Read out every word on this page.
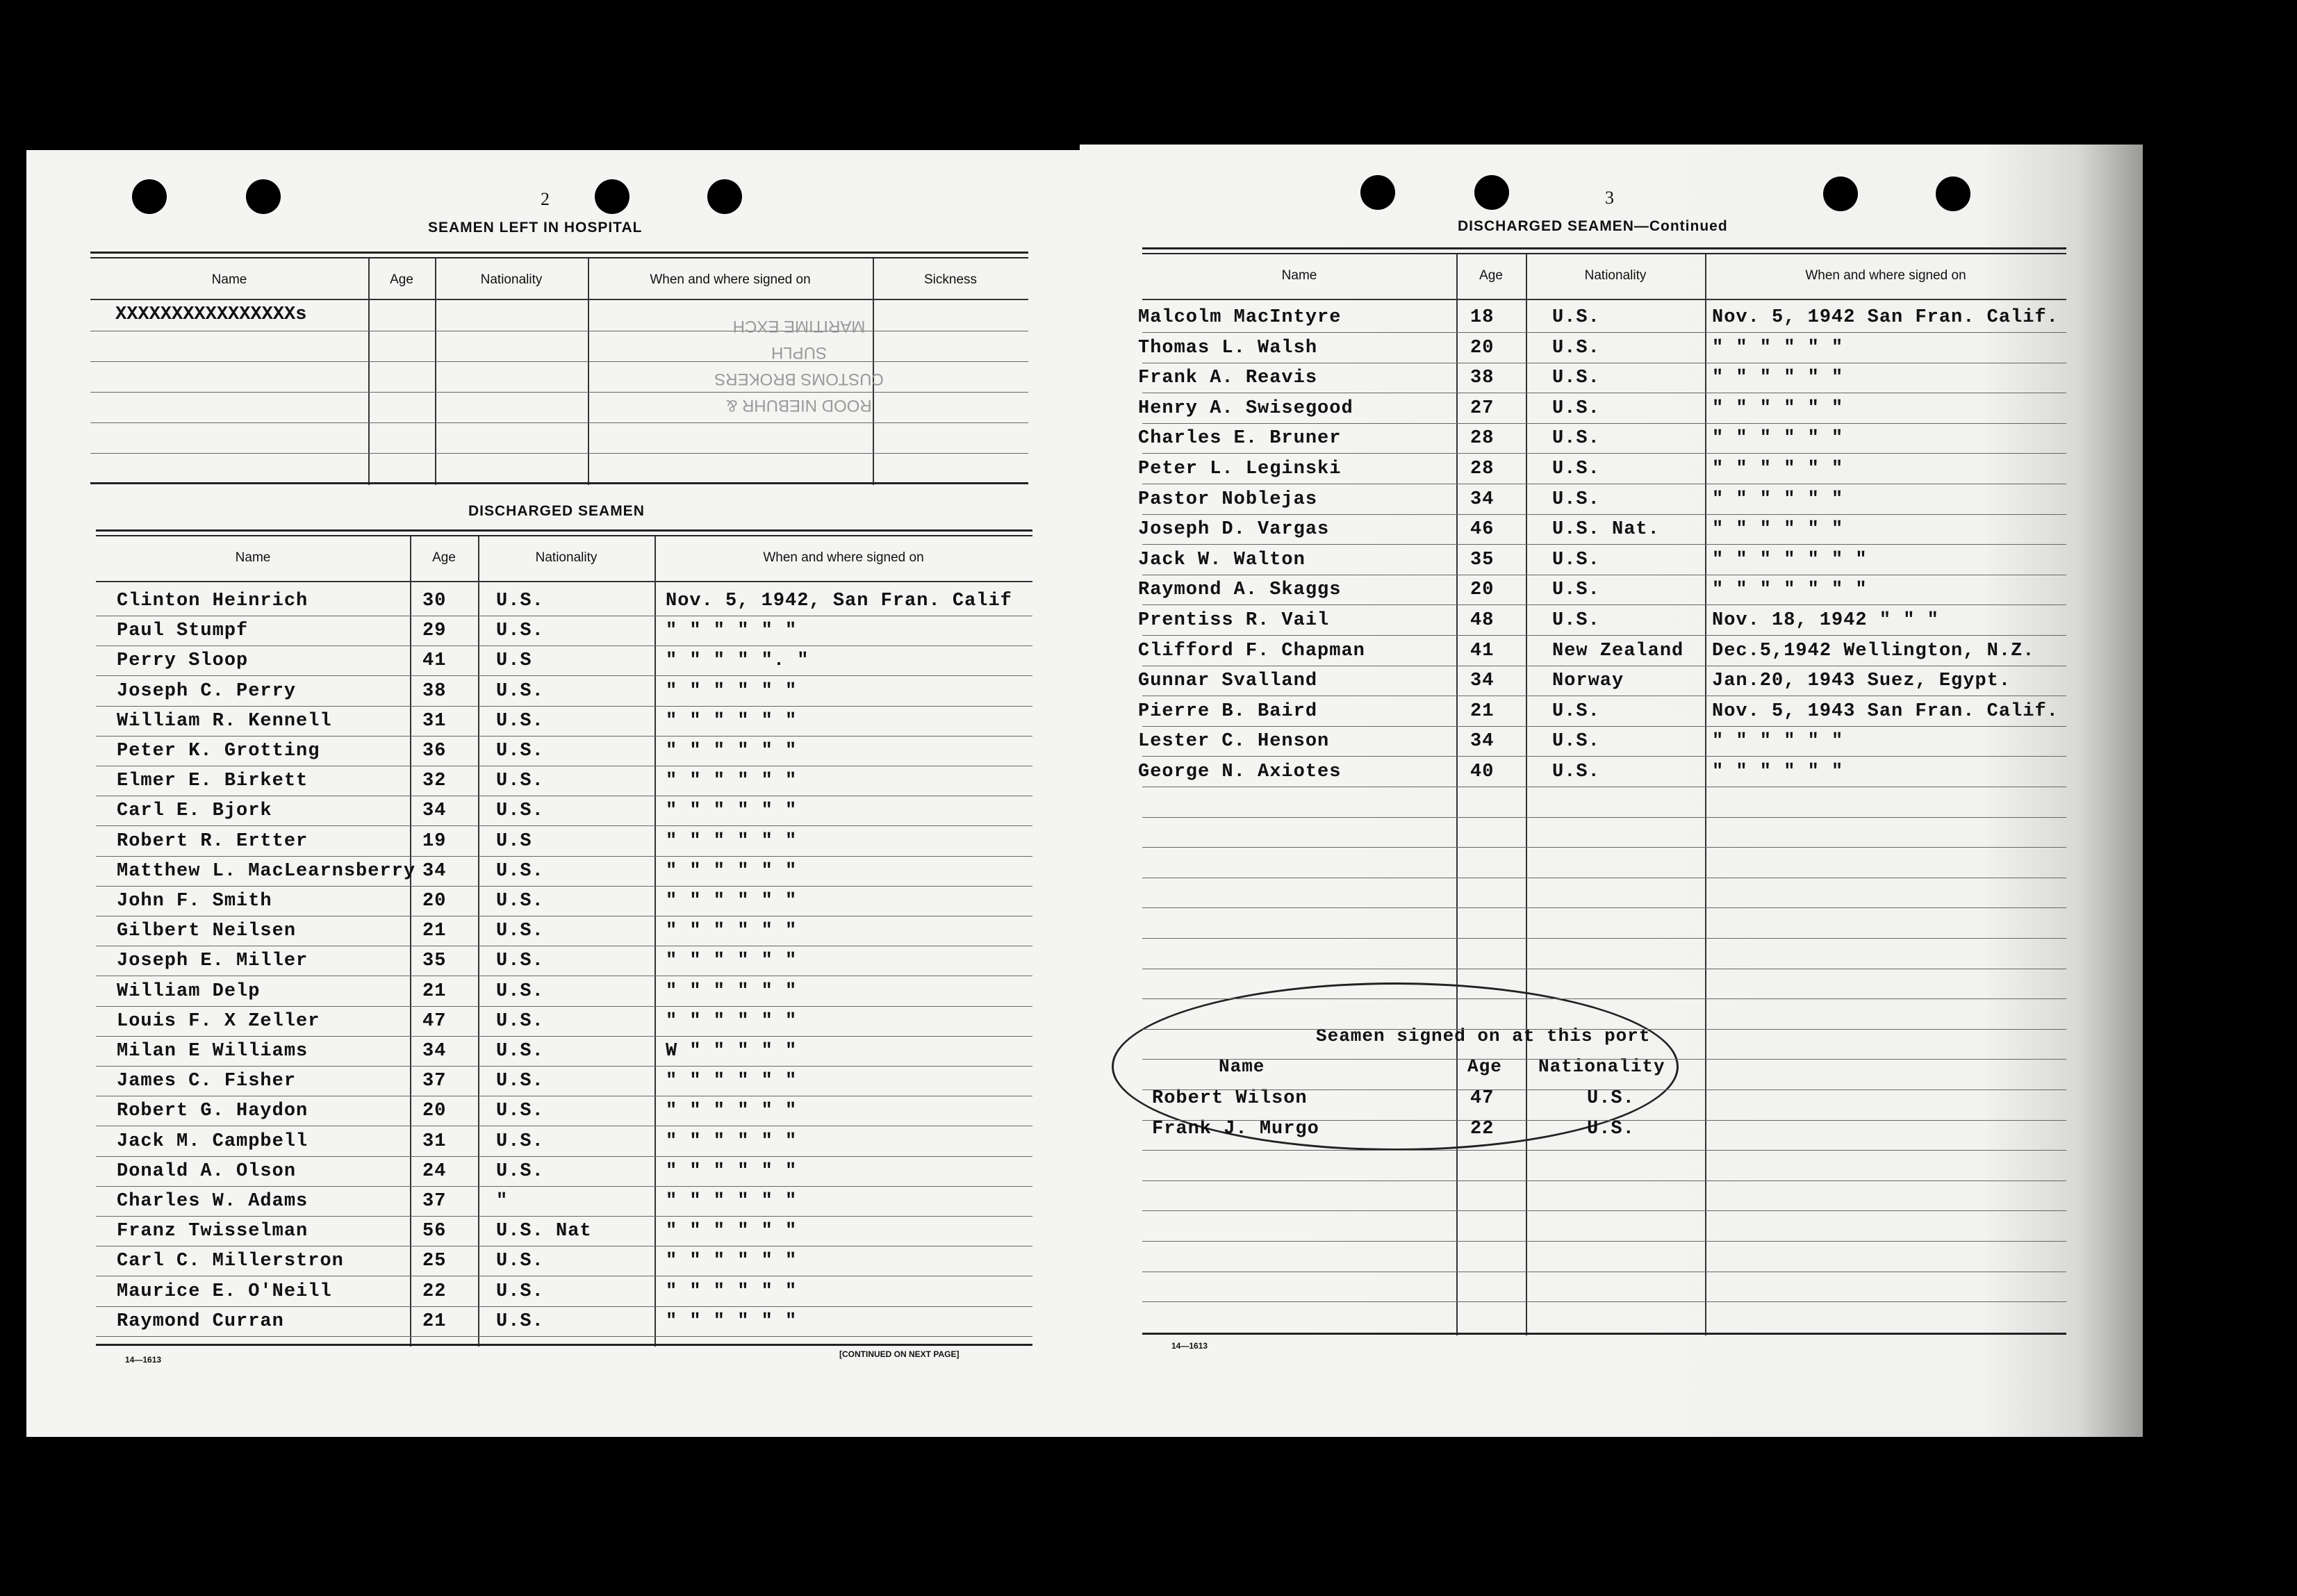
2
SEAMEN LEFT IN HOSPITAL
Name	Age	Nationality	When and where signed on	Sickness
XXXXXXXXXXXXXXXXs
ROOD NIEBUHR &
CUSTOMS BROKERS
SUPLH
MARITIME EXCH
DISCHARGED SEAMEN
Name	Age	Nationality	When and where signed on
Clinton Heinrich	30	U.S.	Nov. 5, 1942, San Fran. Calif
Paul Stumpf	29	U.S.	" " " " " "
Perry Sloop	41	U.S	" " " " ". "
Joseph C. Perry	38	U.S.	" " " " " "
William R. Kennell	31	U.S.	" " " " " "
Peter K. Grotting	36	U.S.	" " " " " "
Elmer E. Birkett	32	U.S.	" " " " " "
Carl E. Bjork	34	U.S.	" " " " " "
Robert R. Ertter	19	U.S	" " " " " "
Matthew L. MacLearnsberry 34	U.S.	" " " " " "
John F. Smith	20	U.S.	" " " " " "
Gilbert Neilsen	21	U.S.	" " " " " "
Joseph E. Miller	35	U.S.	" " " " " "
William Delp	21	U.S.	" " " " " "
Louis F. X Zeller	47	U.S.	" " " " " "
Milan E Williams	34	U.S.	W " " " " "
James C. Fisher	37	U.S.	" " " " " "
Robert G. Haydon	20	U.S.	" " " " " "
Jack M. Campbell	31	U.S.	" " " " " "
Donald A. Olson	24	U.S.	" " " " " "
Charles W. Adams	37	"	" " " " " "
Franz Twisselman	56	U.S. Nat	" " " " " "
Carl C. Millerstron	25	U.S.	" " " " " "
Maurice E. O'Neill	22	U.S.	" " " " " "
Raymond Curran	21	U.S.	" " " " " "
14—1613
[CONTINUED ON NEXT PAGE]
3
DISCHARGED SEAMEN—Continued
Name	Age	Nationality	When and where signed on
Seamen signed on at this port
Name	Age Nationality
Robert Wilson	47	U.S.
Frank J. Murgo	22	U.S.
Malcolm MacIntyre	18	U.S.	Nov. 5, 1942 San Fran. Calif.
Thomas L. Walsh	20	U.S.	" " " " " "
Frank A. Reavis	38	U.S.	" " " " " "
Henry A. Swisegood	27	U.S.	" " " " " "
Charles E. Bruner	28	U.S.	" " " " " "
Peter L. Leginski	28	U.S.	" " " " " "
Pastor Noblejas	34	U.S.	" " " " " "
Joseph D. Vargas	46	U.S. Nat.	" " " " " "
Jack W. Walton	35	U.S.	" " " " " " "
Raymond A. Skaggs	20	U.S.	" " " " " " "
Prentiss R. Vail	48	U.S.	Nov. 18, 1942 " " "
Clifford F. Chapman	41	New Zealand Dec.5,1942 Wellington, N.Z.
Gunnar Svalland	34	Norway	Jan.20, 1943 Suez, Egypt.
Pierre B. Baird	21	U.S.	Nov. 5, 1943 San Fran. Calif.
Lester C. Henson	34	U.S.	" " " " " "
George N. Axiotes	40	U.S.	" " " " " "
14—1613
